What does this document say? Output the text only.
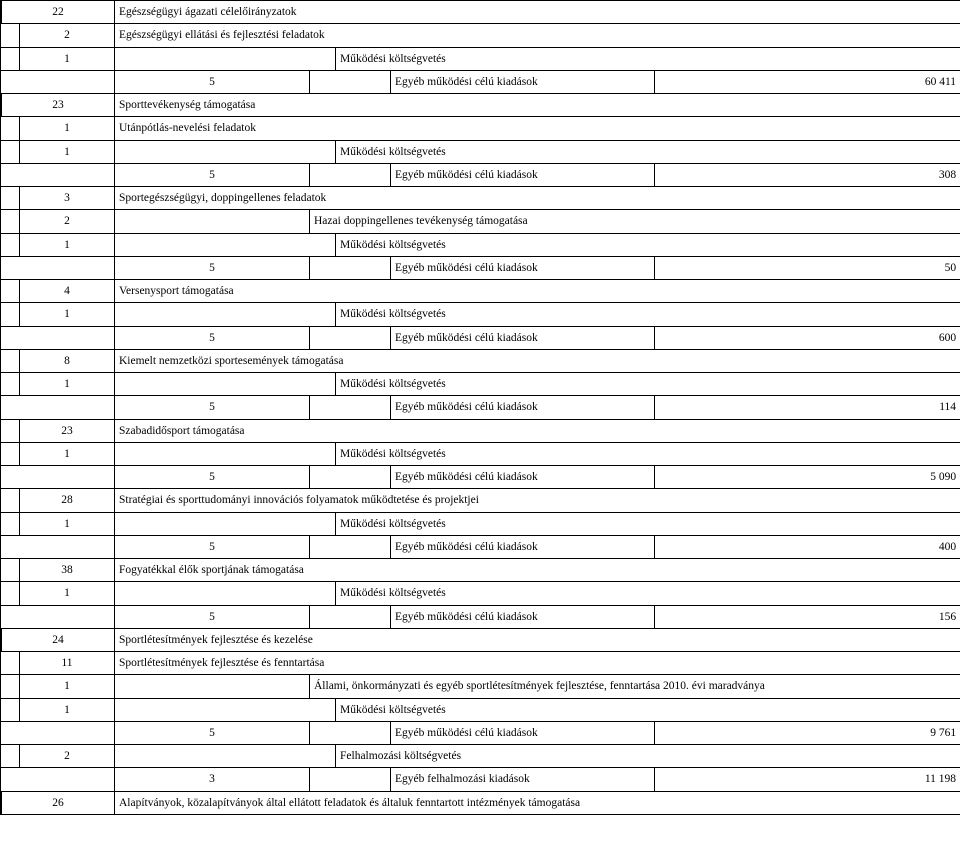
	22		Egészségügyi ágazati célelőirányzatok				
	2	Egészségügyi ellátási és fejlesztési feladatok				
	1			Működési költségvetés		
		5			Egyéb működési célú kiadások	60 411
	23		Sporttevékenység támogatása				
	1	Utánpótlás-nevelési feladatok				
	1			Működési költségvetés		
		5			Egyéb működési célú kiadások	308
	3	Sportegészségügyi, doppingellenes feladatok				
	2		Hazai doppingellenes tevékenység támogatása			
	1			Működési költségvetés		
		5			Egyéb működési célú kiadások	50
	4	Versenysport támogatása				
	1			Működési költségvetés		
		5			Egyéb működési célú kiadások	600
	8	Kiemelt nemzetközi sportesemények támogatása				
	1			Működési költségvetés		
		5			Egyéb működési célú kiadások	114
	23	Szabadidősport támogatása				
	1			Működési költségvetés		
		5			Egyéb működési célú kiadások	5 090
	28	Stratégiai és sporttudományi innovációs folyamatok működtetése és projektjei				
	1			Működési költségvetés		
		5			Egyéb működési célú kiadások	400
	38	Fogyatékkal élők sportjának támogatása				
	1			Működési költségvetés		
		5			Egyéb működési célú kiadások	156
	24		Sportlétesítmények fejlesztése és kezelése				
	11	Sportlétesítmények fejlesztése és fenntartása				
	1		Állami, önkormányzati és egyéb sportlétesítmények fejlesztése, fenntartása 2010. évi maradványa			
	1			Működési költségvetés		
		5			Egyéb működési célú kiadások	9 761
	2			Felhalmozási költségvetés		
		3			Egyéb felhalmozási kiadások	11 198
	26		Alapítványok, közalapítványok által ellátott feladatok és általuk fenntartott intézmények támogatása				
